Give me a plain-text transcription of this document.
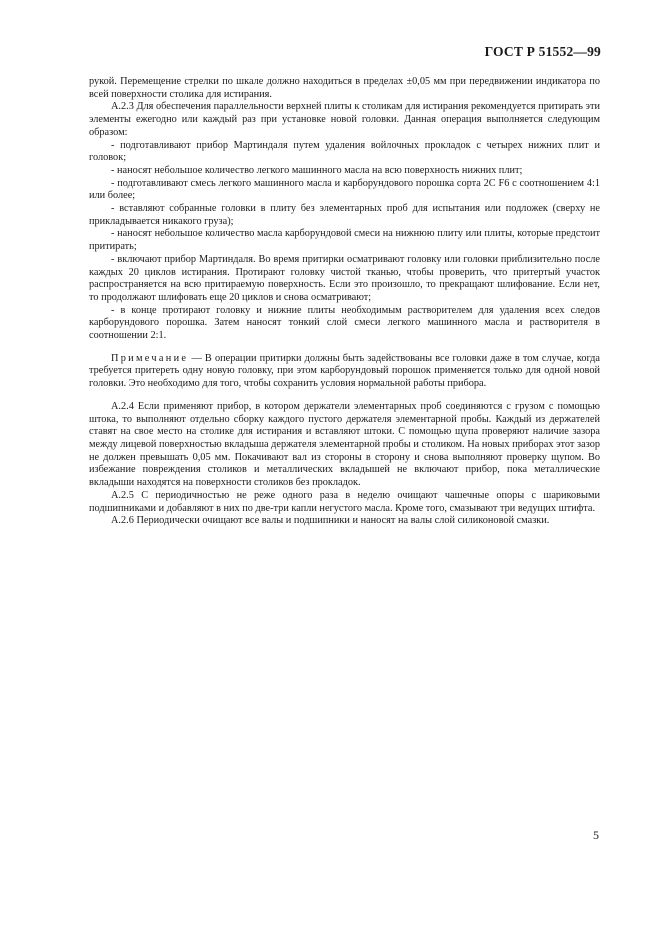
ГОСТ Р 51552—99

рукой. Перемещение стрелки по шкале должно находиться в пределах ±0,05 мм при передвижении индикатора по всей поверхности столика для истирания.

А.2.3 Для обеспечения параллельности верхней плиты к столикам для истирания рекомендуется притирать эти элементы ежегодно или каждый раз при установке новой головки. Данная операция выполняется следующим образом:

- подготавливают прибор Мартиндаля путем удаления войлочных прокладок с четырех нижних плит и головок;

- наносят небольшое количество легкого машинного масла на всю поверхность нижних плит;

- подготавливают смесь легкого машинного масла и карборундового порошка сорта 2С F6 с соотношением 4:1 или более;

- вставляют собранные головки в плиту без элементарных проб для испытания или подложек (сверху не прикладывается никакого груза);

- наносят небольшое количество масла карборундовой смеси на нижнюю плиту или плиты, которые предстоит притирать;

- включают прибор Мартиндаля. Во время притирки осматривают головку или головки приблизительно после каждых 20 циклов истирания. Протирают головку чистой тканью, чтобы проверить, что притертый участок распространяется на всю притираемую поверхность. Если это произошло, то прекращают шлифование. Если нет, то продолжают шлифовать еще 20 циклов и снова осматривают;

- в конце протирают головку и нижние плиты необходимым растворителем для удаления всех следов карборундового порошка. Затем наносят тонкий слой смеси легкого машинного масла и растворителя в соотношении 2:1.

Примечание — В операции притирки должны быть задействованы все головки даже в том случае, когда требуется притереть одну новую головку, при этом карборундовый порошок применяется только для одной новой головки. Это необходимо для того, чтобы сохранить условия нормальной работы прибора.

А.2.4 Если применяют прибор, в котором держатели элементарных проб соединяются с грузом с помощью штока, то выполняют отдельно сборку каждого пустого держателя элементарной пробы. Каждый из держателей ставят на свое место на столике для истирания и вставляют штоки. С помощью щупа проверяют наличие зазора между лицевой поверхностью вкладыша держателя элементарной пробы и столиком. На новых приборах этот зазор не должен превышать 0,05 мм. Покачивают вал из стороны в сторону и снова выполняют проверку щупом. Во избежание повреждения столиков и металлических вкладышей не включают прибор, пока металлические вкладыши находятся на поверхности столиков без прокладок.

А.2.5 С периодичностью не реже одного раза в неделю очищают чашечные опоры с шариковыми подшипниками и добавляют в них по две-три капли негустого масла. Кроме того, смазывают три ведущих штифта.

А.2.6 Периодически очищают все валы и подшипники и наносят на валы слой силиконовой смазки.

5
